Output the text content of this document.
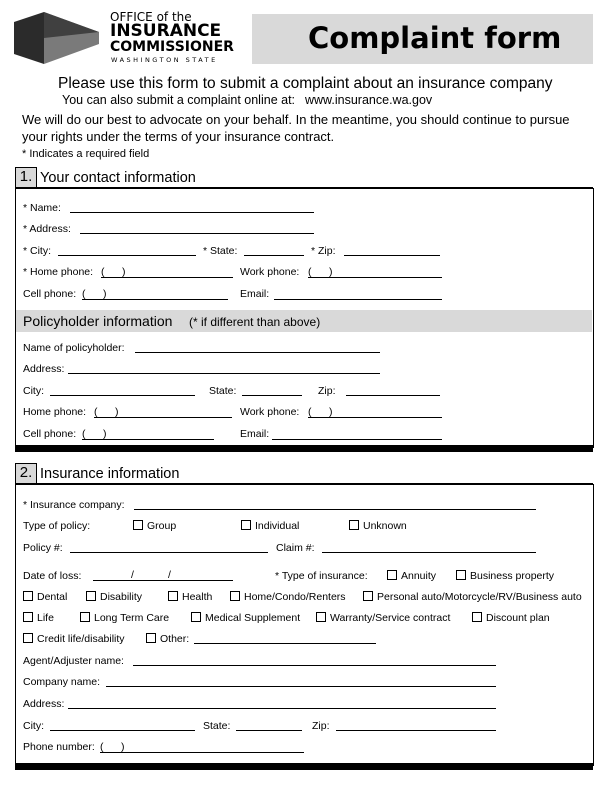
OFFICE of the
INSURANCE
COMMISSIONER
WASHINGTON STATE
Complaint form
Please use this form to submit a complaint about an insurance company
You can also submit a complaint online at: www.insurance.wa.gov
We will do our best to advocate on your behalf. In the meantime, you should continue to pursue
your rights under the terms of your insurance contract.
* Indicates a required field
1. Your contact information
* Name:
* Address:
* City:	* State:	* Zip:
* Home phone: ( )	Work phone: ( )
Cell phone: ( )	Email:
Policyholder information (* if different than above)
Name of policyholder:
Address:
City:	State:	Zip:
Home phone: ( )	Work phone: ( )
Cell phone: ( )	Email:
2. Insurance information
* Insurance company:
Type of policy:	Group	Individual	Unknown
Policy #:	Claim #:
Date of loss:	/	/	* Type of insurance:	Annuity	Business property
Dental	Disability	Health	Home/Condo/Renters	Personal auto/Motorcycle/RV/Business auto
Life	Long Term Care	Medical Supplement	Warranty/Service contract	Discount plan
Credit life/disability	Other:
Agent/Adjuster name:
Company name:
Address:
City:	State:	Zip:
Phone number: ( )
